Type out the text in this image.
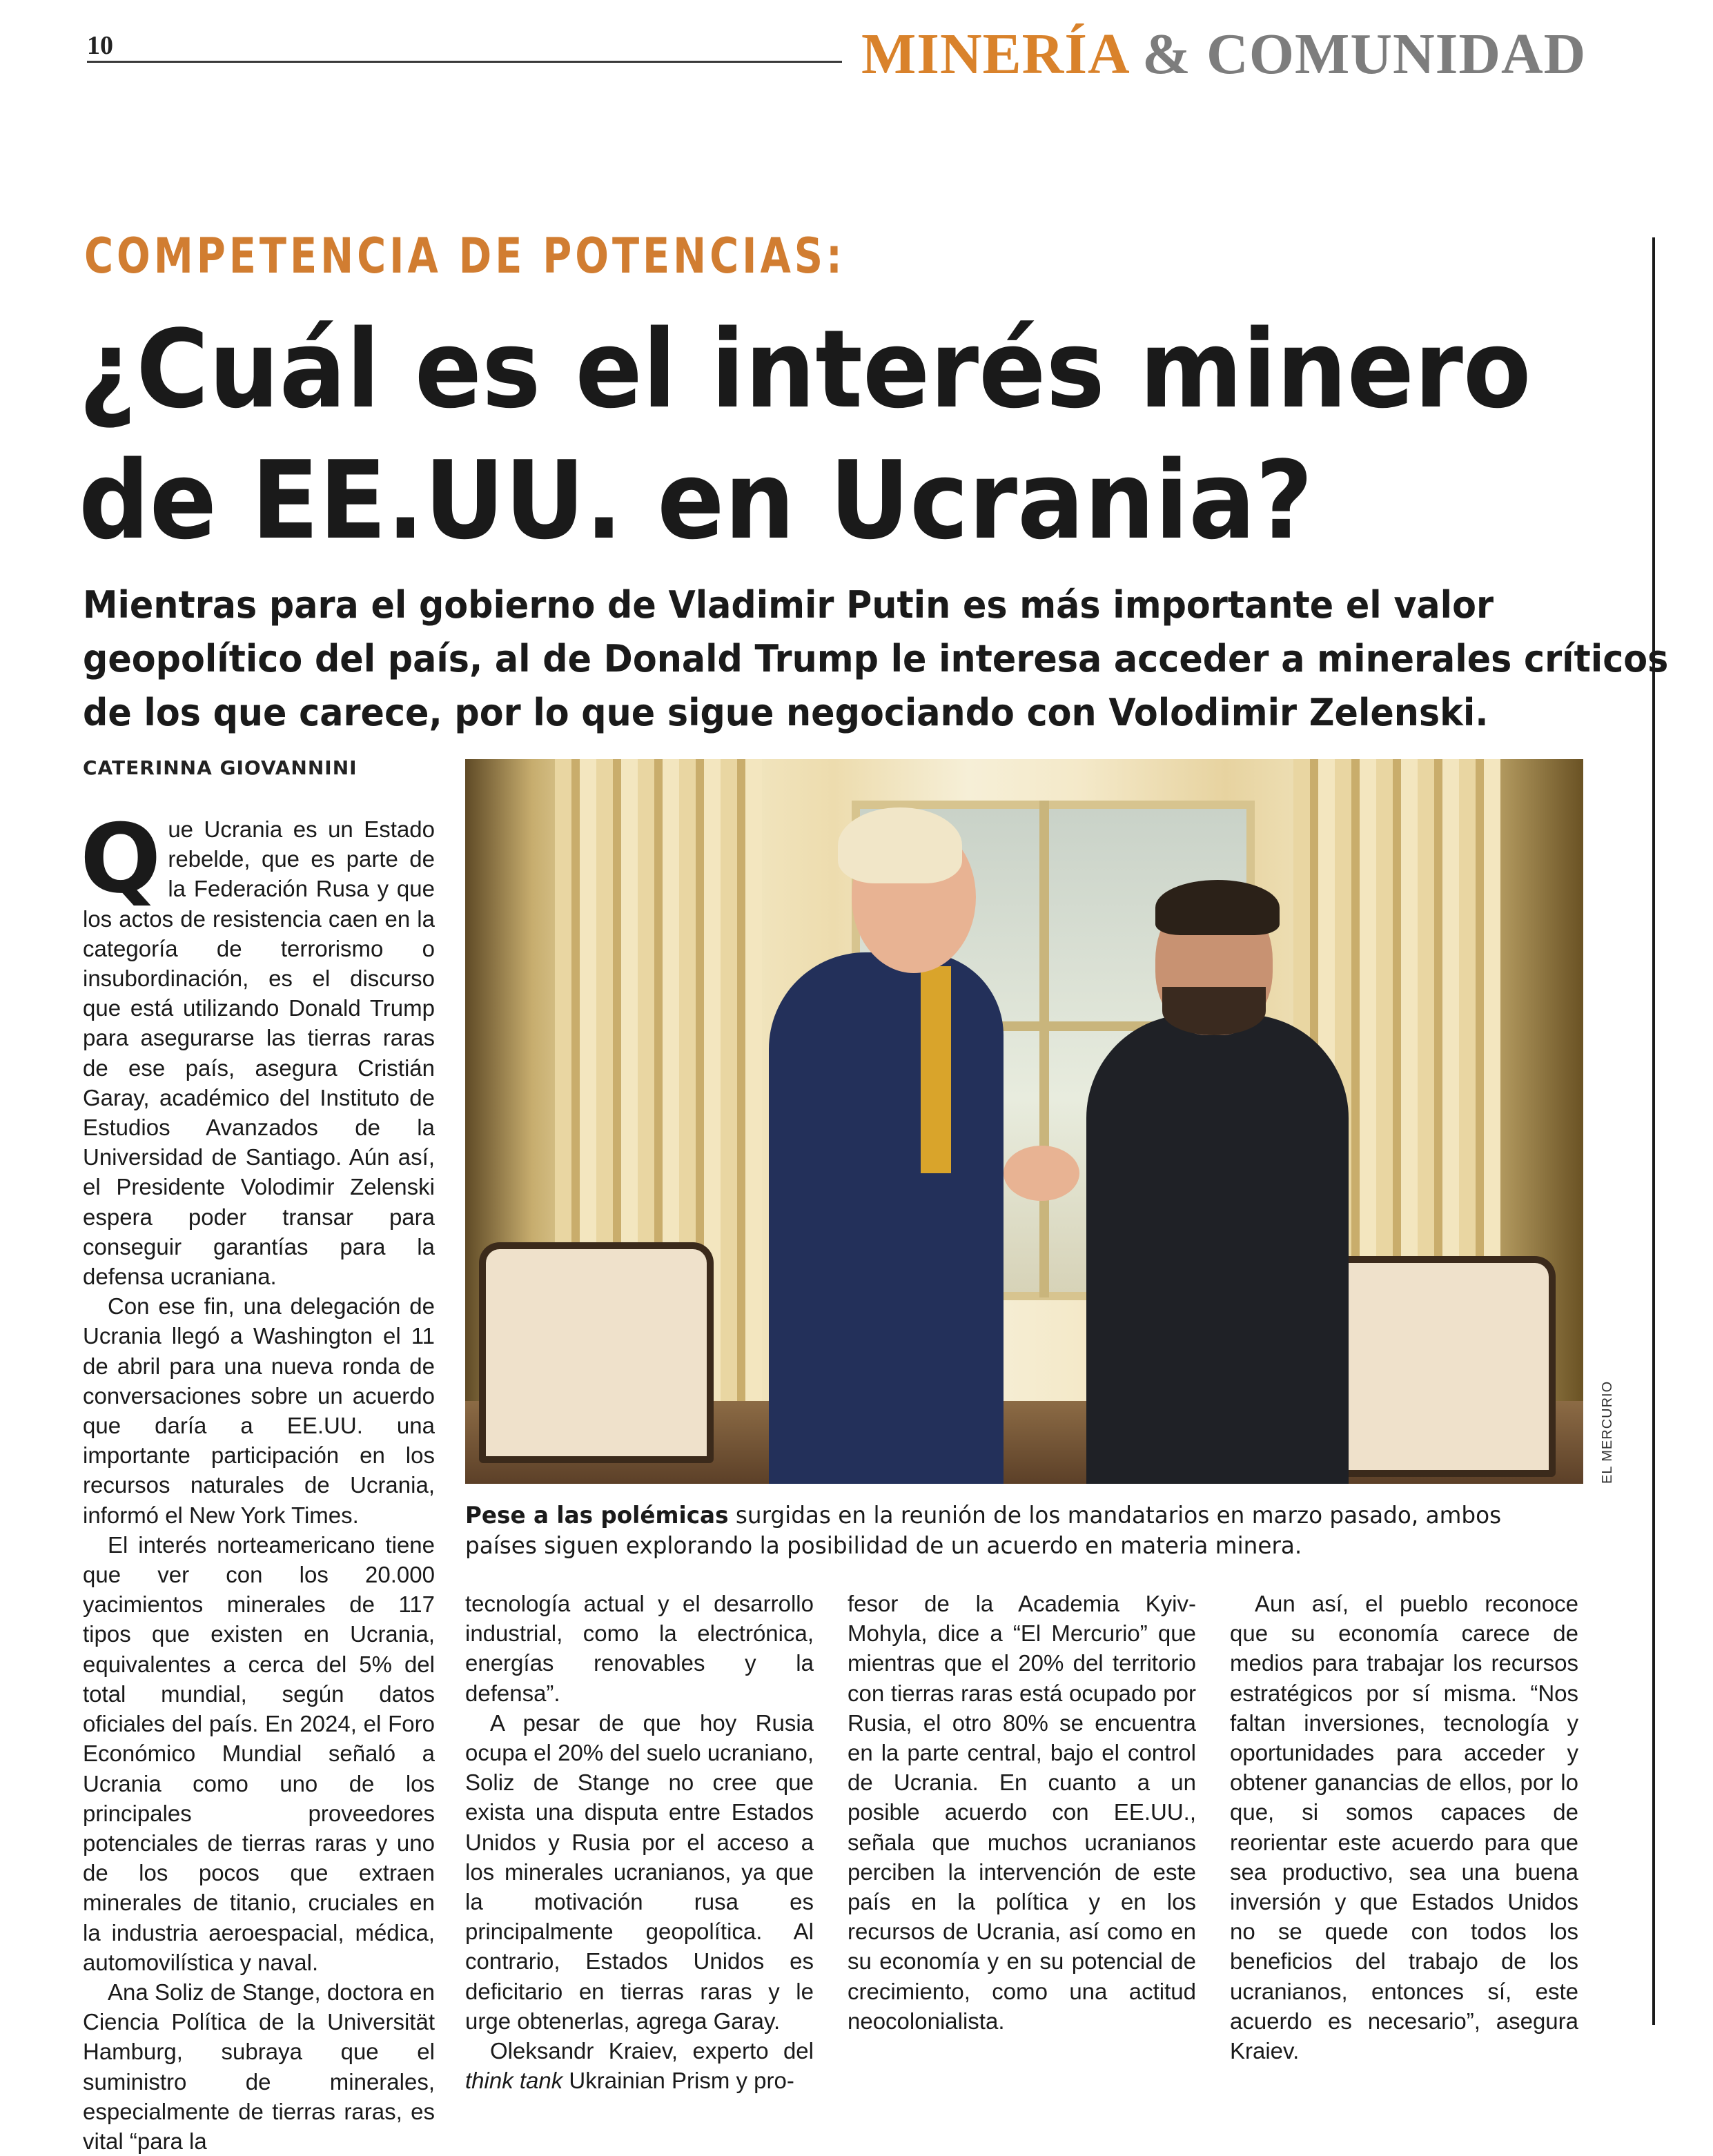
10	MINERÍA & COMUNIDAD
COMPETENCIA DE POTENCIAS:
¿Cuál es el interés minero
de EE.UU. en Ucrania?
Mientras para el gobierno de Vladimir Putin es más importante el valor
geopolítico del país, al de Donald Trump le interesa acceder a minerales críticos
de los que carece, por lo que sigue negociando con Volodimir Zelenski.
CATERINNA GIOVANNINI
EL MERCURIO
Pese a las polémicas surgidas en la reunión de los mandatarios en marzo pasado, ambos países siguen explorando la posibilidad de un acuerdo en materia minera.

Que Ucrania es un Estado rebelde, que es parte de la Federación Rusa y que los actos de resistencia caen en la categoría de terrorismo o insubordinación, es el discurso que está utilizando Donald Trump para asegurarse las tierras raras de ese país, asegura Cristián Garay, académico del Instituto de Estudios Avanzados de la Universidad de Santiago. Aún así, el Presidente Volodimir Zelenski espera poder transar para conseguir garantías para la defensa ucraniana.

Con ese fin, una delegación de Ucrania llegó a Washington el 11 de abril para una nueva ronda de conversaciones sobre un acuerdo que daría a EE.UU. una importante participación en los recursos naturales de Ucrania, informó el New York Times.

El interés norteamericano tiene que ver con los 20.000 yacimientos minerales de 117 tipos que existen en Ucrania, equivalentes a cerca del 5% del total mundial, según datos oficiales del país. En 2024, el Foro Económico Mundial señaló a Ucrania como uno de los principales proveedores potenciales de tierras raras y uno de los pocos que extraen minerales de titanio, cruciales en la industria aeroespacial, médica, automovilística y naval.

Ana Soliz de Stange, doctora en Ciencia Política de la Universität Hamburg, subraya que el suministro de minerales, especialmente de tierras raras, es vital “para la

tecnología actual y el desarrollo industrial, como la electrónica, energías renovables y la defensa”.

A pesar de que hoy Rusia ocupa el 20% del suelo ucraniano, Soliz de Stange no cree que exista una disputa entre Estados Unidos y Rusia por el acceso a los minerales ucranianos, ya que la motivación rusa es principalmente geopolítica. Al contrario, Estados Unidos es deficitario en tierras raras y le urge obtenerlas, agrega Garay.

Oleksandr Kraiev, experto del think tank Ukrainian Prism y pro-

fesor de la Academia Kyiv-Mohyla, dice a “El Mercurio” que mientras que el 20% del territorio con tierras raras está ocupado por Rusia, el otro 80% se encuentra en la parte central, bajo el control de Ucrania. En cuanto a un posible acuerdo con EE.UU., señala que muchos ucranianos perciben la intervención de este país en la política y en los recursos de Ucrania, así como en su economía y en su potencial de crecimiento, como una actitud neocolonialista.

Aun así, el pueblo reconoce que su economía carece de medios para trabajar los recursos estratégicos por sí misma. “Nos faltan inversiones, tecnología y oportunidades para acceder y obtener ganancias de ellos, por lo que, si somos capaces de reorientar este acuerdo para que sea productivo, sea una buena inversión y que Estados Unidos no se quede con todos los beneficios del trabajo de los ucranianos, entonces sí, este acuerdo es necesario”, asegura Kraiev.
